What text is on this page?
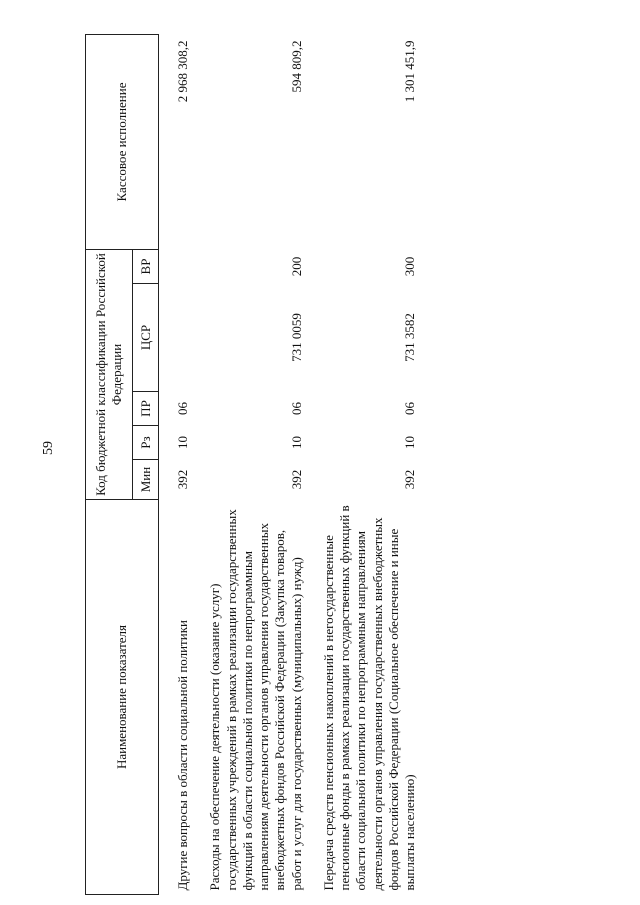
59
Наименование показателя	Код бюджетной классификации Российской Федерации					Кассовое исполнение
	Мин	Рз	ПР	ЦСР	ВР	

Другие вопросы в области социальной политики	392	10	06			2 968 308,2

Расходы на обеспечение деятельности (оказание услуг) государственных учреждений в рамках реализации государственных функций в области социальной политики по непрограммным направлениям деятельности органов управления государственных внебюджетных фондов Российской Федерации (Закупка товаров, работ и услуг для государственных (муниципальных) нужд)	392	10	06	731 0059	200	594 809,2

Передача средств пенсионных накоплений в негосударственные пенсионные фонды в рамках реализации государственных функций в области социальной политики по непрограммным направлениям деятельности органов управления государственных внебюджетных фондов Российской Федерации (Социальное обеспечение и иные выплаты населению)	392	10	06	731 3582	300	1 301 451,9
